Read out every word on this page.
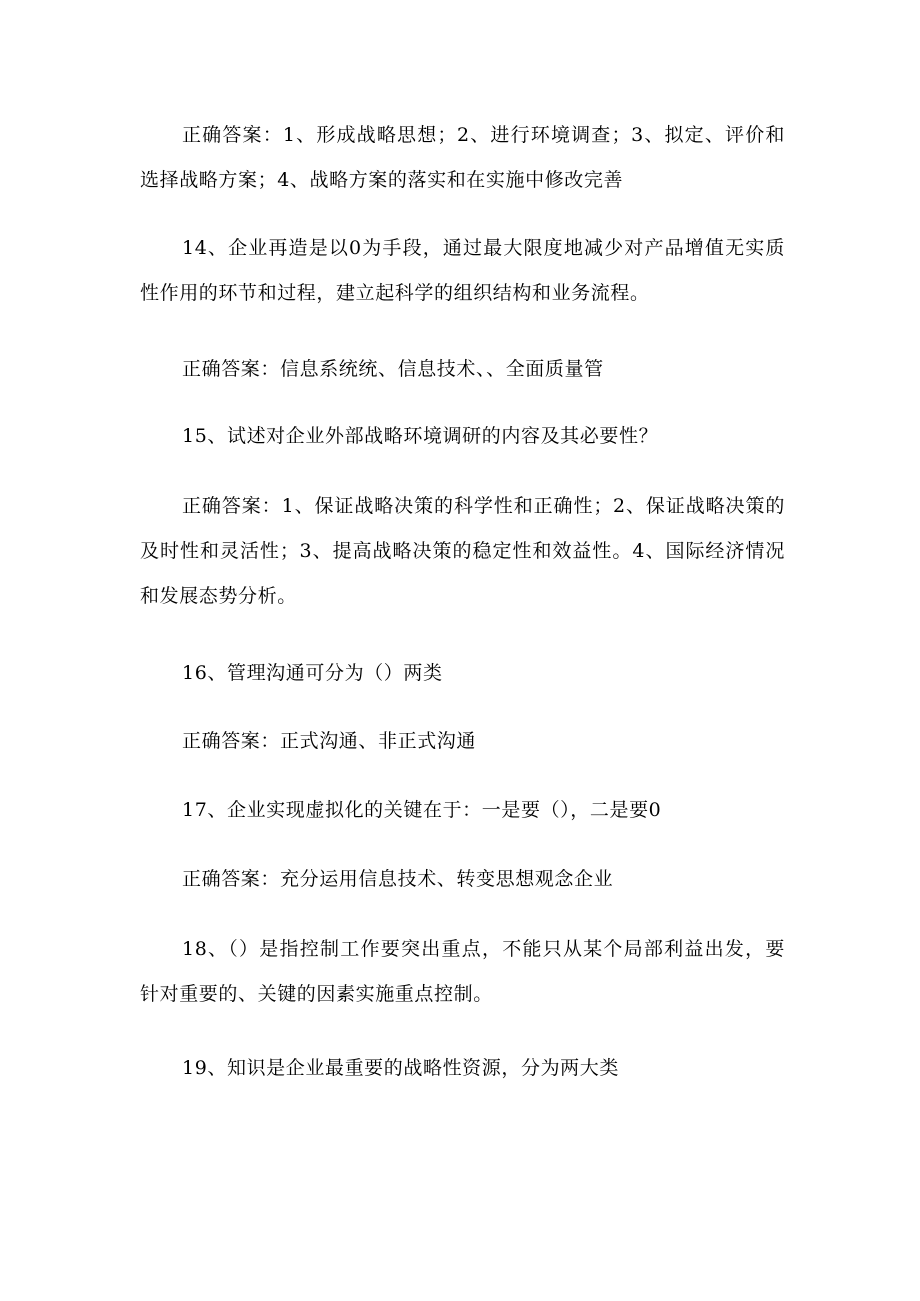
正确答案：1、形成战略思想；2、进行环境调查；3、拟定、评价和选择战略方案；4、战略方案的落实和在实施中修改完善

14、企业再造是以0为手段，通过最大限度地减少对产品增值无实质性作用的环节和过程，建立起科学的组织结构和业务流程。

正确答案：信息系统统、信息技术、、全面质量管

15、试述对企业外部战略环境调研的内容及其必要性？

正确答案：1、保证战略决策的科学性和正确性；2、保证战略决策的及时性和灵活性；3、提高战略决策的稳定性和效益性。4、国际经济情况和发展态势分析。

16、管理沟通可分为（）两类

正确答案：正式沟通、非正式沟通

17、企业实现虚拟化的关键在于：一是要（），二是要0

正确答案：充分运用信息技术、转变思想观念企业

18、（）是指控制工作要突出重点，不能只从某个局部利益出发，要针对重要的、关键的因素实施重点控制。

19、知识是企业最重要的战略性资源，分为两大类
